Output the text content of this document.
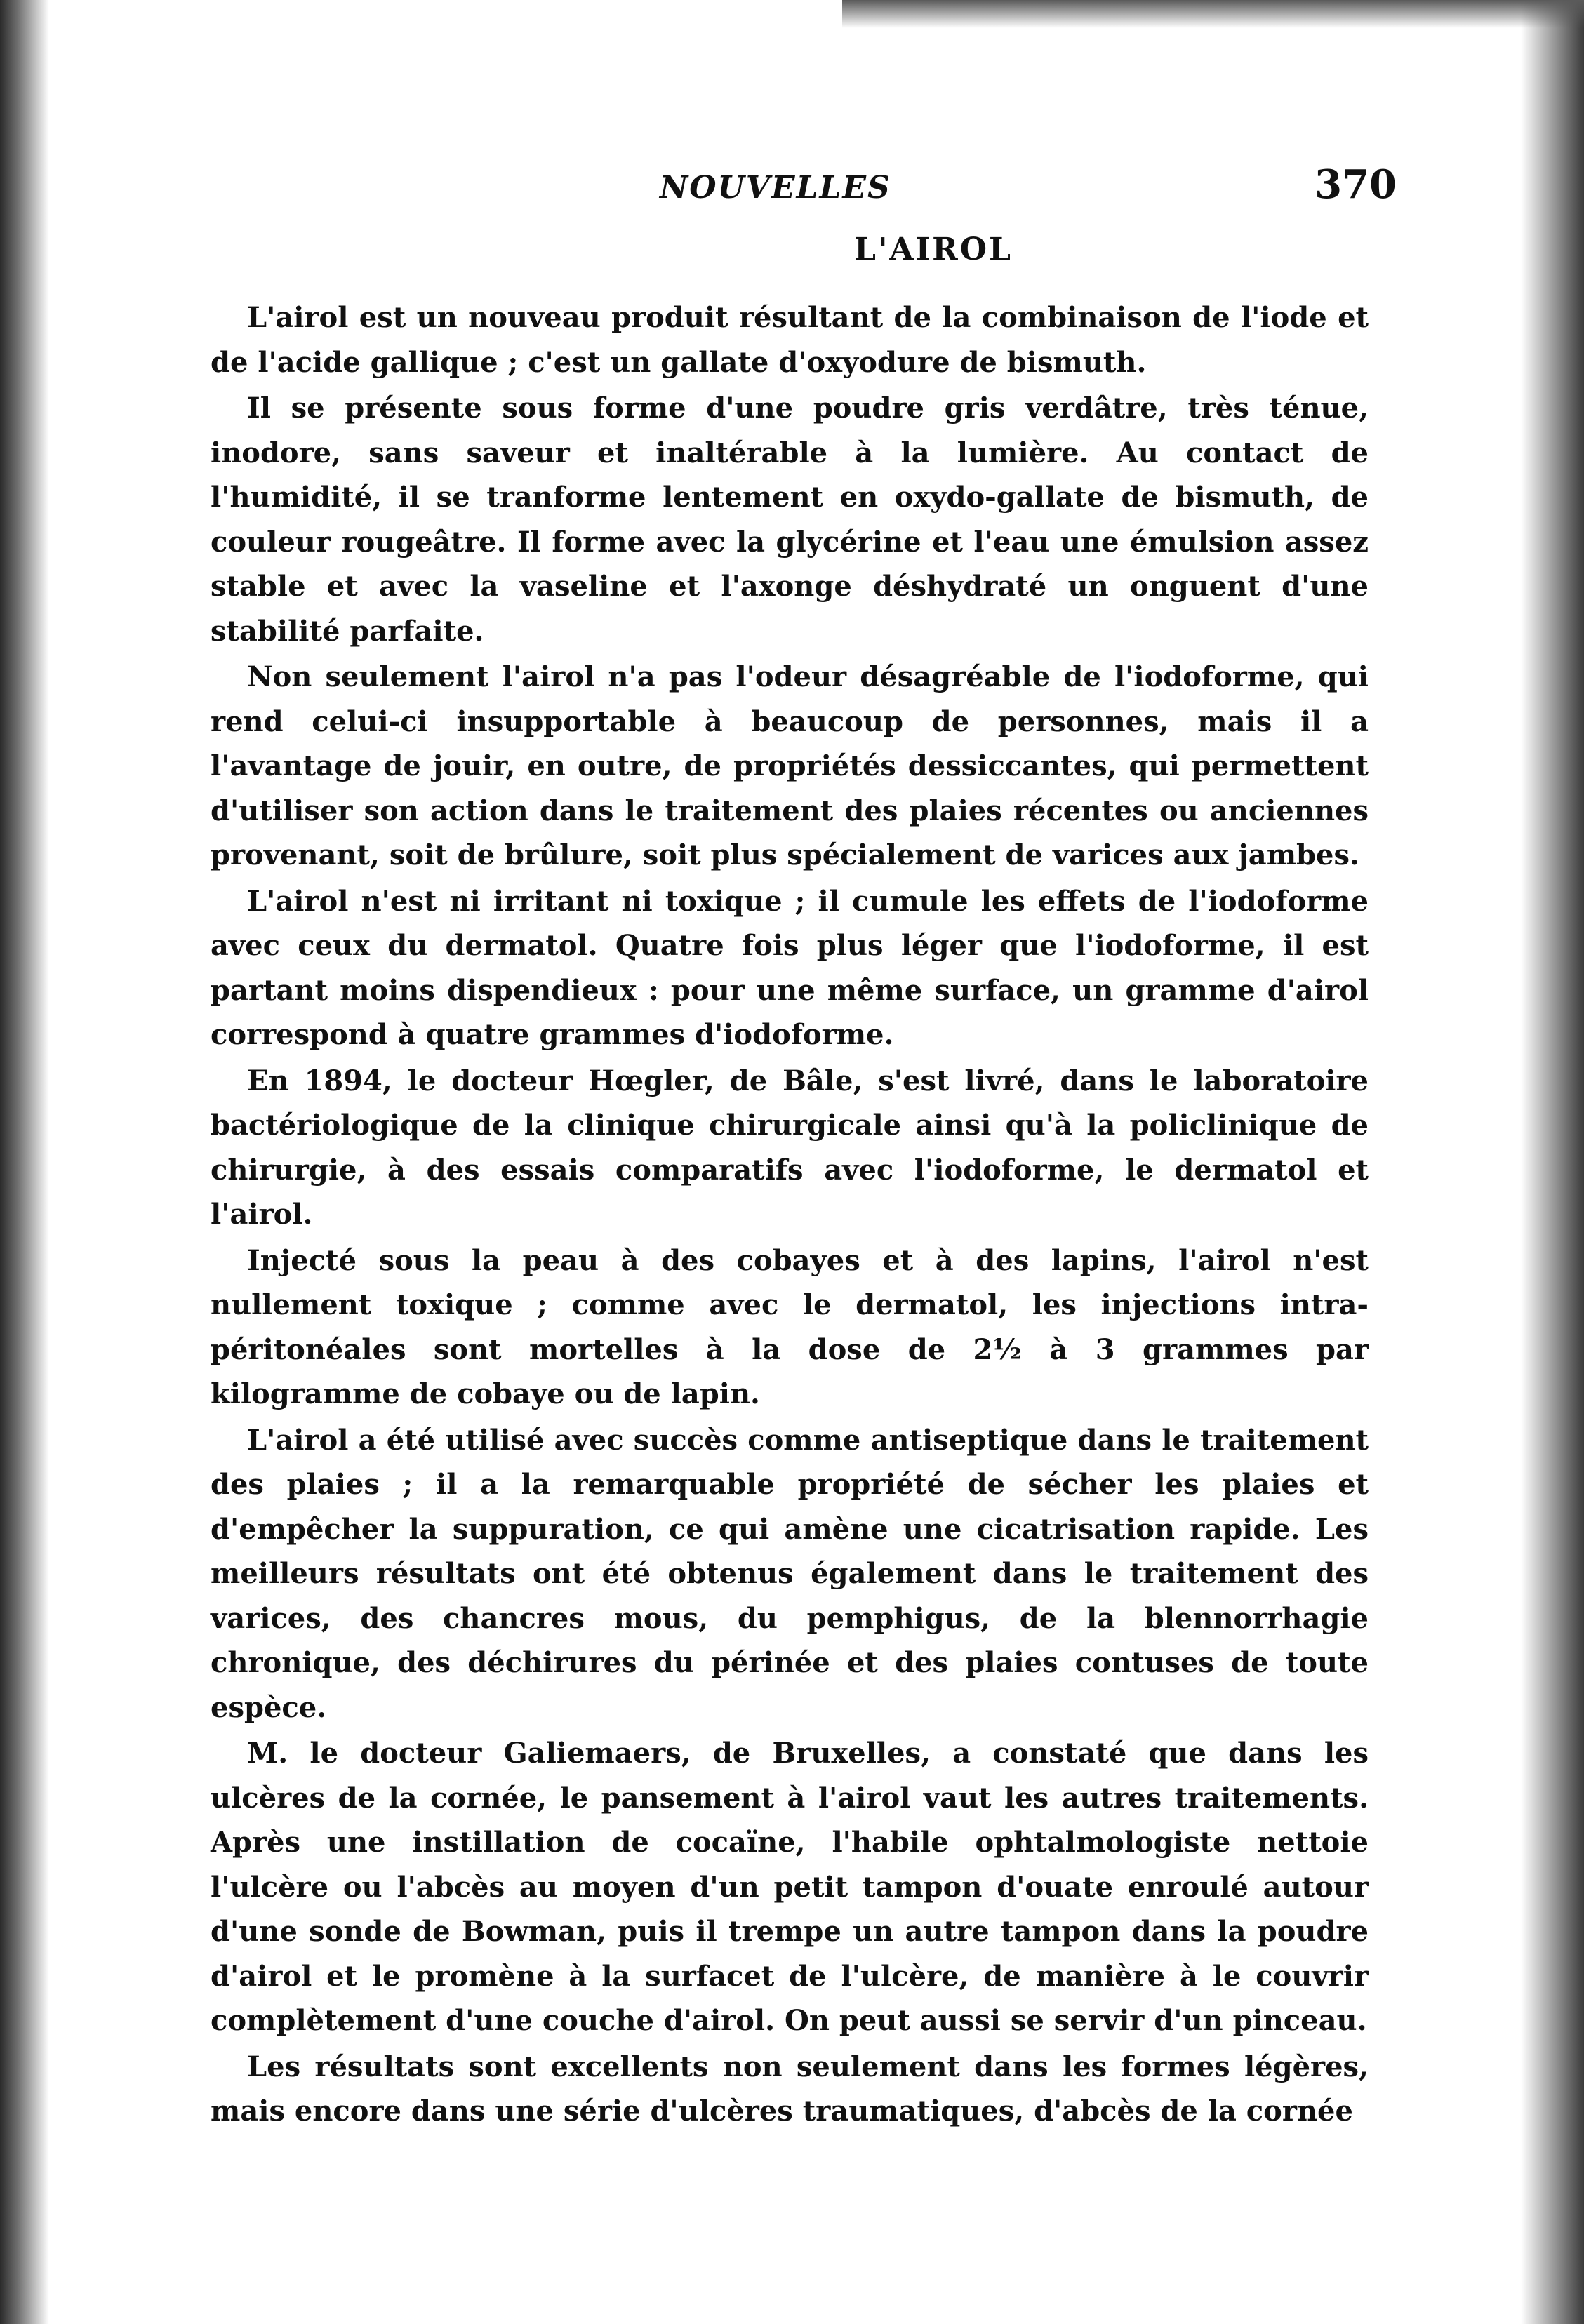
NOUVELLES	370
L'AIROL

L'airol est un nouveau produit résultant de la combinaison de l'iode et de l'acide gallique ; c'est un gallate d'oxyodure de bismuth.

Il se présente sous forme d'une poudre gris verdâtre, très ténue, inodore, sans saveur et inaltérable à la lumière. Au contact de l'humidité, il se tranforme lentement en oxydo-gallate de bismuth, de couleur rougeâtre. Il forme avec la glycérine et l'eau une émulsion assez stable et avec la vaseline et l'axonge déshydraté un onguent d'une stabilité parfaite.

Non seulement l'airol n'a pas l'odeur désagréable de l'iodoforme, qui rend celui-ci insupportable à beaucoup de personnes, mais il a l'avantage de jouir, en outre, de propriétés dessiccantes, qui permettent d'utiliser son action dans le traitement des plaies récentes ou anciennes provenant, soit de brûlure, soit plus spécialement de varices aux jambes.

L'airol n'est ni irritant ni toxique ; il cumule les effets de l'iodoforme avec ceux du dermatol. Quatre fois plus léger que l'iodoforme, il est partant moins dispendieux : pour une même surface, un gramme d'airol correspond à quatre grammes d'iodoforme.

En 1894, le docteur Hœgler, de Bâle, s'est livré, dans le laboratoire bactériologique de la clinique chirurgicale ainsi qu'à la policlinique de chirurgie, à des essais comparatifs avec l'iodoforme, le dermatol et l'airol.

Injecté sous la peau à des cobayes et à des lapins, l'airol n'est nullement toxique ; comme avec le dermatol, les injections intra-péritonéales sont mortelles à la dose de 2½ à 3 grammes par kilogramme de cobaye ou de lapin.

L'airol a été utilisé avec succès comme antiseptique dans le traitement des plaies ; il a la remarquable propriété de sécher les plaies et d'empêcher la suppuration, ce qui amène une cicatrisation rapide. Les meilleurs résultats ont été obtenus également dans le traitement des varices, des chancres mous, du pemphigus, de la blennorrhagie chronique, des déchirures du périnée et des plaies contuses de toute espèce.

M. le docteur Galiemaers, de Bruxelles, a constaté que dans les ulcères de la cornée, le pansement à l'airol vaut les autres traitements. Après une instillation de cocaïne, l'habile ophtalmologiste nettoie l'ulcère ou l'abcès au moyen d'un petit tampon d'ouate enroulé autour d'une sonde de Bowman, puis il trempe un autre tampon dans la poudre d'airol et le promène à la surfacet de l'ulcère, de manière à le couvrir complètement d'une couche d'airol. On peut aussi se servir d'un pinceau.

Les résultats sont excellents non seulement dans les formes légères, mais encore dans une série d'ulcères traumatiques, d'abcès de la cornée
